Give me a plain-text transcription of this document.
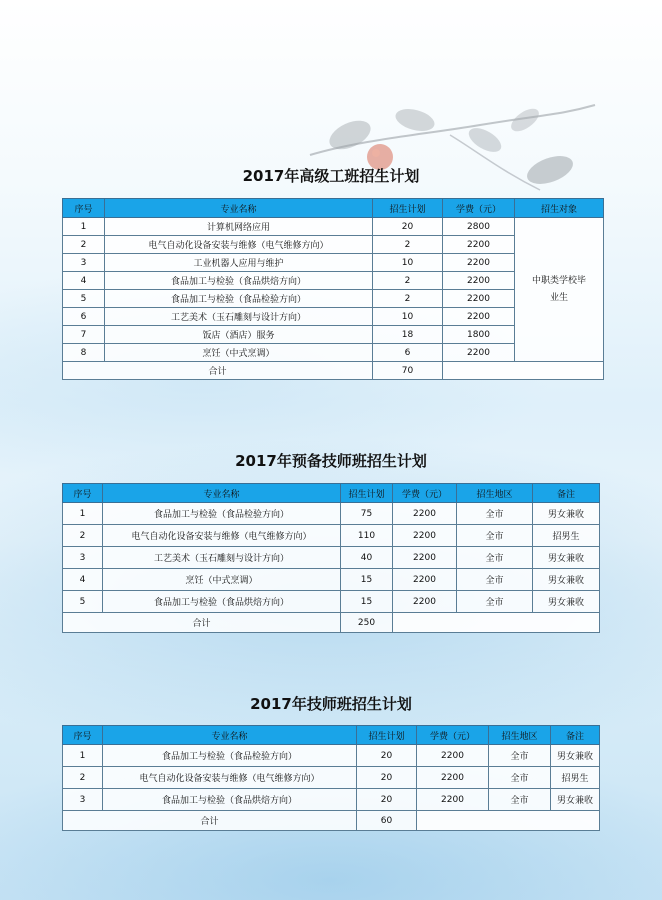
2017年高级工班招生计划
序号	专业名称	招生计划	学费（元）	招生对象
1	计算机网络应用	20	2800	中职类学校毕业生
2	电气自动化设备安装与维修（电气维修方向）	2	2200	
3	工业机器人应用与维护	10	2200	
4	食品加工与检验（食品烘焙方向）	2	2200	
5	食品加工与检验（食品检验方向）	2	2200	
6	工艺美术（玉石雕刻与设计方向）	10	2200	
7	饭店（酒店）服务	18	1800	
8	烹饪（中式烹调）	6	2200	
合计		70		
2017年预备技师班招生计划
序号	专业名称	招生计划	学费（元）	招生地区	备注
1	食品加工与检验（食品检验方向）	75	2200	全市	男女兼收
2	电气自动化设备安装与维修（电气维修方向）	110	2200	全市	招男生
3	工艺美术（玉石雕刻与设计方向）	40	2200	全市	男女兼收
4	烹饪（中式烹调）	15	2200	全市	男女兼收
5	食品加工与检验（食品烘焙方向）	15	2200	全市	男女兼收
合计		250			
2017年技师班招生计划
序号	专业名称	招生计划	学费（元）	招生地区	备注
1	食品加工与检验（食品检验方向）	20	2200	全市	男女兼收
2	电气自动化设备安装与维修（电气维修方向）	20	2200	全市	招男生
3	食品加工与检验（食品烘焙方向）	20	2200	全市	男女兼收
合计		60			
